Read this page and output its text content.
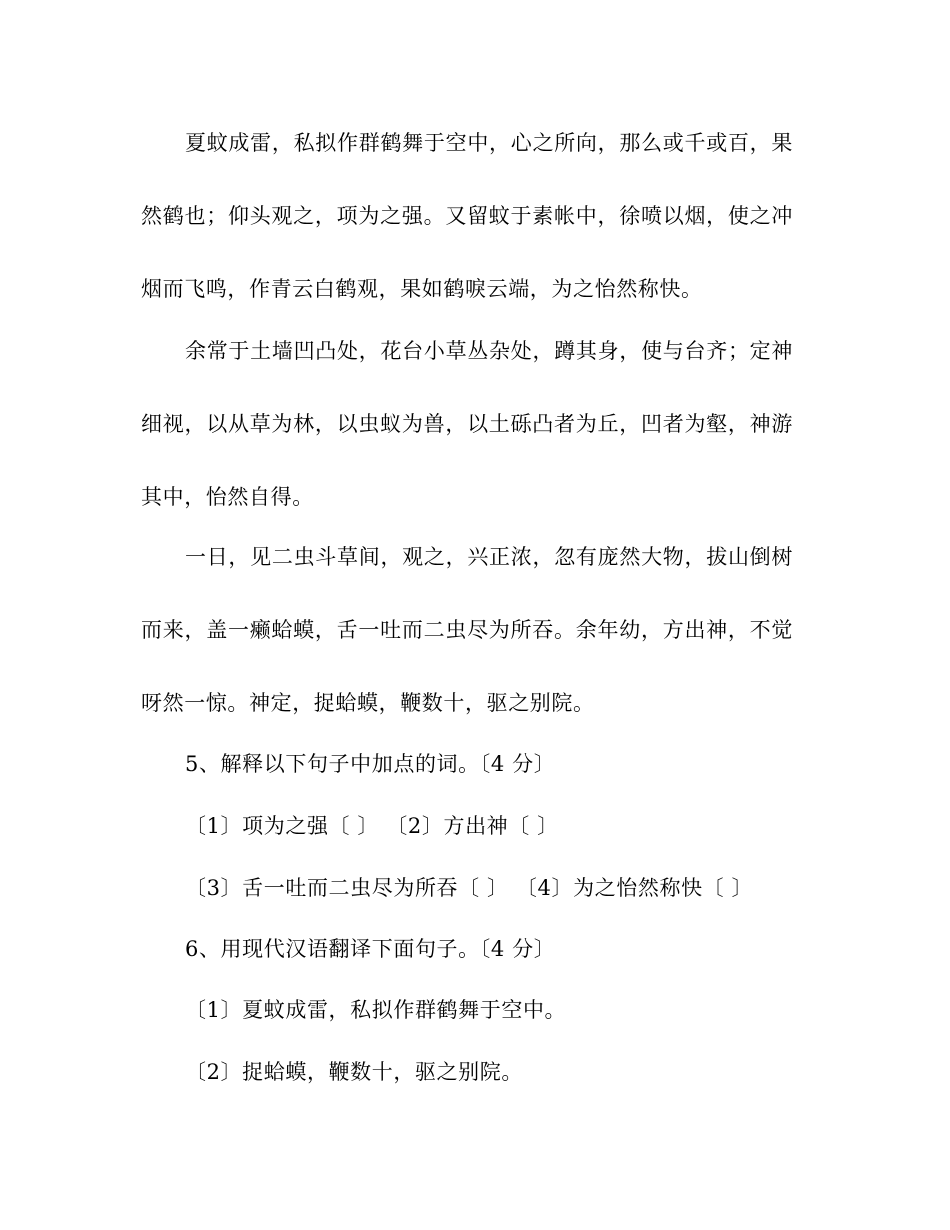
夏蚊成雷，私拟作群鹤舞于空中，心之所向，那么或千或百，果
然鹤也；仰头观之，项为之强。又留蚊于素帐中，徐喷以烟，使之冲
烟而飞鸣，作青云白鹤观，果如鹤唳云端，为之怡然称快。
余常于土墙凹凸处，花台小草丛杂处，蹲其身，使与台齐；定神
细视，以从草为林，以虫蚁为兽，以土砾凸者为丘，凹者为壑，神游
其中，怡然自得。
一日，见二虫斗草间，观之，兴正浓，忽有庞然大物，拔山倒树
而来，盖一癞蛤蟆，舌一吐而二虫尽为所吞。余年幼，方出神，不觉
呀然一惊。神定，捉蛤蟆，鞭数十，驱之别院。
5、解释以下句子中加点的词。〔4 分〕
〔1〕项为之强〔 〕 〔2〕方出神〔 〕
〔3〕舌一吐而二虫尽为所吞〔 〕 〔4〕为之怡然称快〔 〕
6、用现代汉语翻译下面句子。〔4 分〕
〔1〕夏蚊成雷，私拟作群鹤舞于空中。
〔2〕捉蛤蟆，鞭数十，驱之别院。
